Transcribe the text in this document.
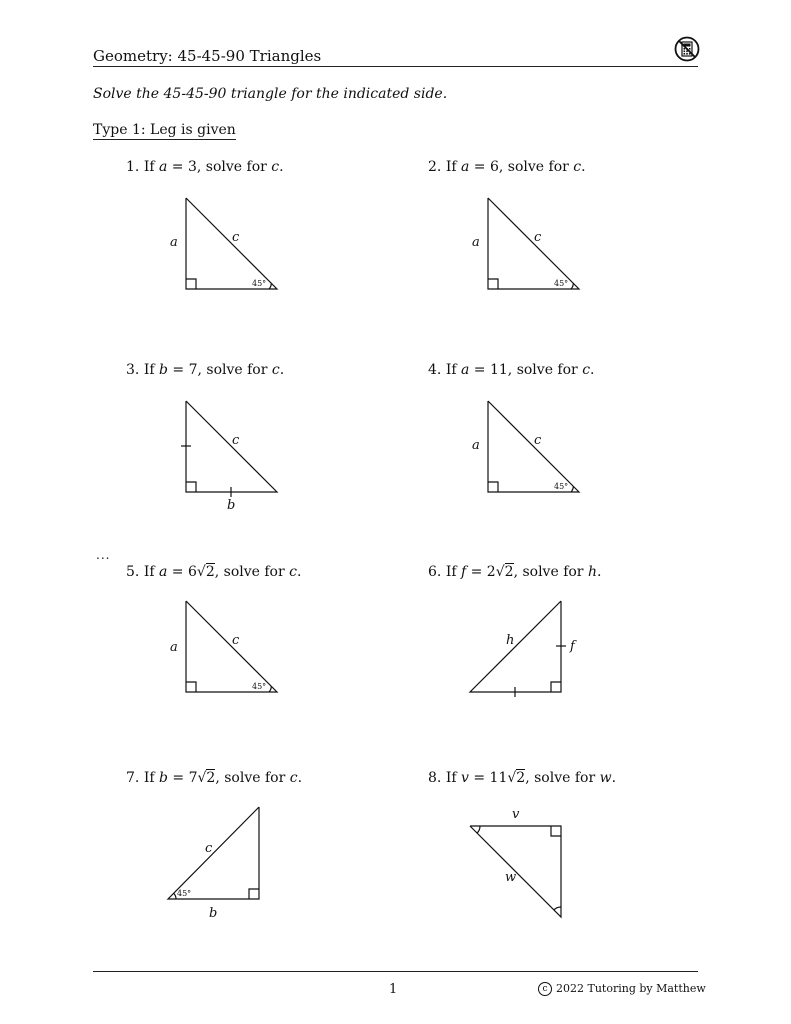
Geometry: 45-45-90 Triangles
Solve the 45-45-90 triangle for the indicated side.
Type 1: Leg is given
1. If a = 3, solve for c.	2. If a = 6, solve for c.
3. If b = 7, solve for c.	4. If a = 11, solve for c.
...
5. If a = 6√2, solve for c.	6. If f = 2√2, solve for h.
7. If b = 7√2, solve for c.	8. If v = 11√2, solve for w.
a	c
45°
a	c
45°
c
b
a	c
45°
a	c
45°
h	f
c
45°
b
v
w
1	c 2022 Tutoring by Matthew
